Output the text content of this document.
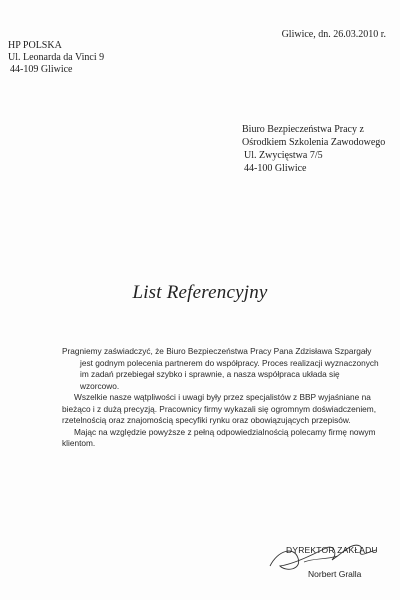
Gliwice, dn. 26.03.2010 r.
HP POLSKA
Ul. Leonarda da Vinci 9
44-109 Gliwice
Biuro Bezpieczeństwa Pracy z
Ośrodkiem Szkolenia Zawodowego
Ul. Zwycięstwa 7/5
44-100 Gliwice
List Referencyjny

Pragniemy zaświadczyć, że Biuro Bezpieczeństwa Pracy Pana Zdzisława Szpargały jest godnym polecenia partnerem do współpracy. Proces realizacji wyznaczonych im zadań przebiegał szybko i sprawnie, a nasza współpraca układa się wzorcowo.

Wszelkie nasze wątpliwości i uwagi były przez specjalistów z BBP wyjaśniane na bieżąco i z dużą precyzją. Pracownicy firmy wykazali się ogromnym doświadczeniem, rzetelnością oraz znajomością specyfiki rynku oraz obowiązujących przepisów.

Mając na względzie powyższe z pełną odpowiedzialnością polecamy firmę nowym klientom.

DYREKTOR ZAKŁADU
Norbert Gralla
